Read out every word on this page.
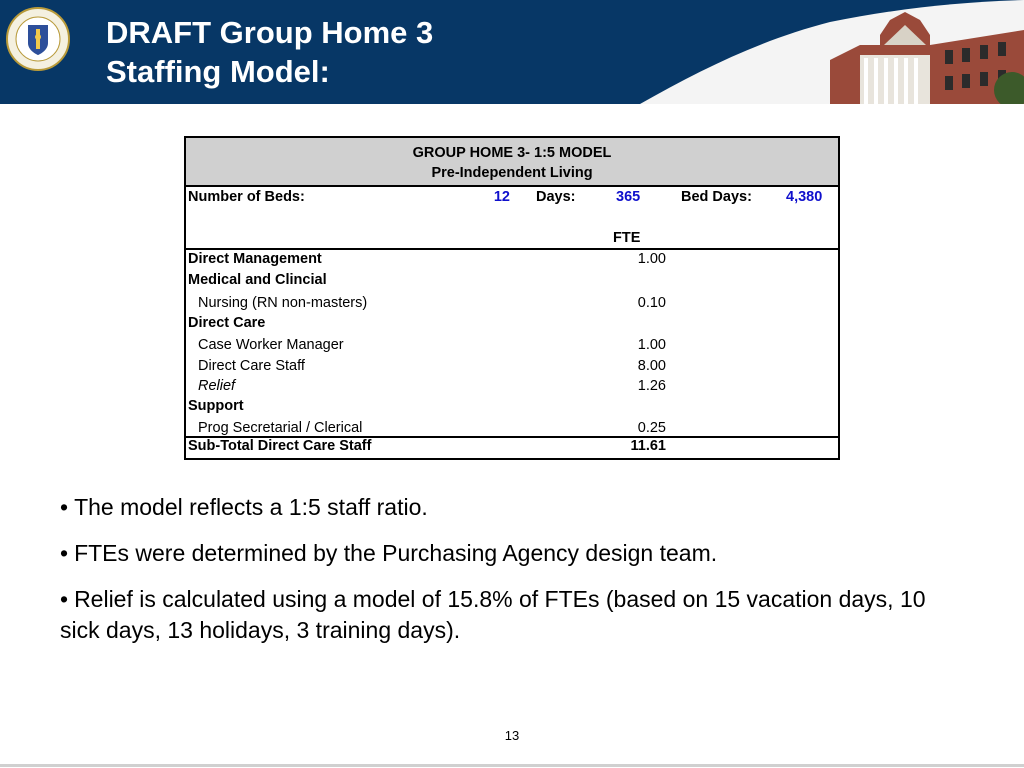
DRAFT Group Home 3
Staffing Model:
GROUP HOME 3- 1:5 MODEL
Pre-Independent Living
Number of Beds:	12 Days:	365	Bed Days: 4,380
FTE
Direct Management	1.00
Medical and Clincial
Nursing (RN non-masters)	0.10
Direct Care
Case Worker Manager	1.00
Direct Care Staff	8.00
Relief	1.26
Support
Prog Secretarial / Clerical	0.25
Sub-Total Direct Care Staff	11.61
• The model reflects a 1:5 staff ratio.
• FTEs were determined by the Purchasing Agency design team.
• Relief is calculated using a model of 15.8% of FTEs (based on 15 vacation days, 10 sick days, 13 holidays, 3 training days).
13
